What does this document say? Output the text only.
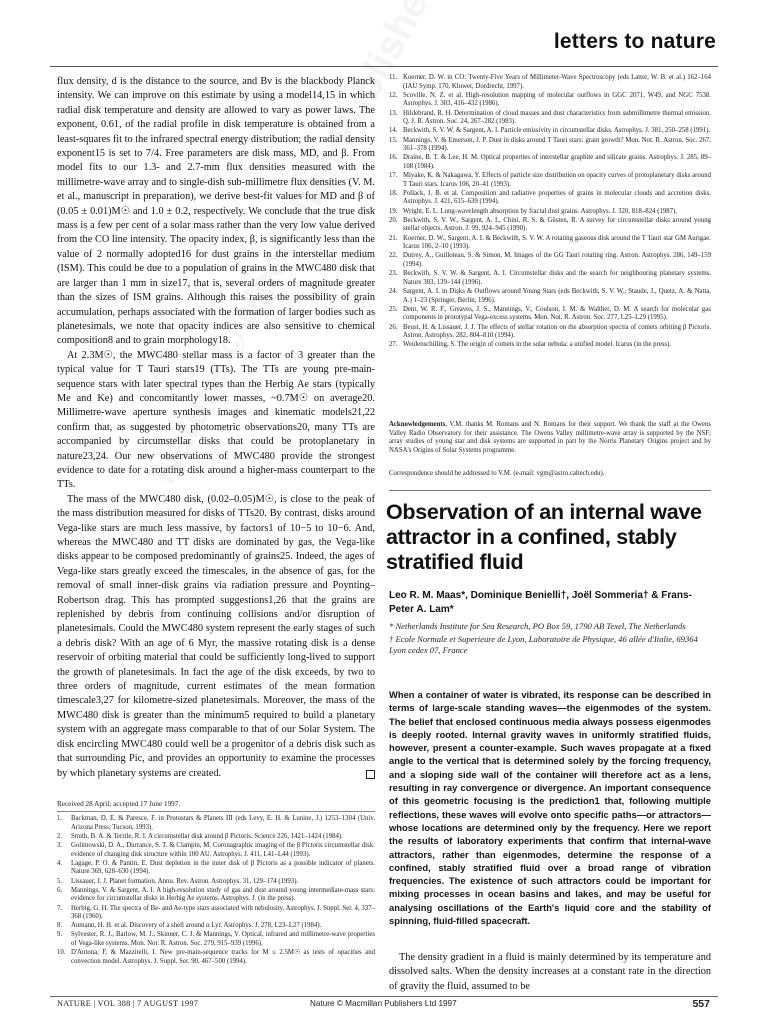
letters to nature

flux density, d is the distance to the source, and Bν is the blackbody Planck intensity. We can improve on this estimate by using a model14,15 in which radial disk temperature and density are allowed to vary as power laws. The exponent, 0.61, of the radial profile in disk temperature is obtained from a least-squares fit to the infrared spectral energy distribution; the radial density exponent15 is set to 7/4. Free parameters are disk mass, MD, and β. From model fits to our 1.3- and 2.7-mm flux densities measured with the millimetre-wave array and to single-dish sub-millimetre flux densities (V. M. et al., manuscript in preparation), we derive best-fit values for MD and β of (0.05 ± 0.01)M☉ and 1.0 ± 0.2, respectively. We conclude that the true disk mass is a few per cent of a solar mass rather than the very low value derived from the CO line intensity. The opacity index, β, is significantly less than the value of 2 normally adopted16 for dust grains in the interstellar medium (ISM). This could be due to a population of grains in the MWC480 disk that are larger than 1 mm in size17, that is, several orders of magnitude greater than the sizes of ISM grains. Although this raises the possibility of grain accumulation, perhaps associated with the formation of larger bodies such as planetesimals, we note that opacity indices are also sensitive to chemical composition8 and to grain morphology18.

At 2.3M☉, the MWC480 stellar mass is a factor of 3 greater than the typical value for T Tauri stars19 (TTs). The TTs are young pre-main-sequence stars with later spectral types than the Herbig Ae stars (typically Me and Ke) and concomitantly lower masses, ~0.7M☉ on average20. Millimetre-wave aperture synthesis images and kinematic models21,22 confirm that, as suggested by photometric observations20, many TTs are accompanied by circumstellar disks that could be protoplanetary in nature23,24. Our new observations of MWC480 provide the strongest evidence to date for a rotating disk around a higher-mass counterpart to the TTs.

The mass of the MWC480 disk, (0.02–0.05)M☉, is close to the peak of the mass distribution measured for disks of TTs20. By contrast, disks around Vega-like stars are much less massive, by factors1 of 10−5 to 10−6. And, whereas the MWC480 and TT disks are dominated by gas, the Vega-like disks appear to be composed predominantly of grains25. Indeed, the ages of Vega-like stars greatly exceed the timescales, in the absence of gas, for the removal of small inner-disk grains via radiation pressure and Poynting–Robertson drag. This has prompted suggestions1,26 that the grains are replenished by debris from continuing collisions and/or disruption of planetesimals. Could the MWC480 system represent the early stages of such a debris disk? With an age of 6 Myr, the massive rotating disk is a dense reservoir of orbiting material that could be sufficiently long-lived to support the growth of planetesimals. In fact the age of the disk exceeds, by two to three orders of magnitude, current estimates of the mean formation timescale3,27 for kilometre-sized planetesimals. Moreover, the mass of the MWC480 disk is greater than the minimum5 required to build a planetary system with an aggregate mass comparable to that of our Solar System. The disk encircling MWC480 could well be a progenitor of a debris disk such as that surrounding Pic, and provides an opportunity to examine the processes by which planetary systems are created.

Received 28 April; accepted 17 June 1997.
1.	Backman, D. E. & Paresce, F. in Protostars & Planets III (eds Levy, E. H. & Lunine, J.) 1253–1304 (Univ. Arizona Press, Tucson, 1993).
2.	Smith, B. A. & Terrile, R. I. A circumstellar disk around β Pictoris. Science 226, 1421–1424 (1984).
3.	Golimowski, D. A., Durrance, S. T. & Clampin, M. Coronagraphic imaging of the β Pictoris circumstellar disk: evidence of changing disk structure within 100 AU. Astrophys. J. 411, L41–L44 (1993).
4.	Lagage, P. O. & Pantin, E. Dust depletion in the inner disk of β Pictoris as a possible indicator of planets. Nature 369, 628–630 (1994).
5.	Lissauer, J. J. Planet formation. Annu. Rev. Astron. Astrophys. 31, 129–174 (1993).
6.	Mannings, V. & Sargent, A. I. A high-resolution study of gas and dust around young intermediate-mass stars: evidence for circumstellar disks in Herbig Ae systems. Astrophys. J. (in the press).
7.	Herbig, G. H. The spectra of Be- and Ae-type stars associated with nebulosity. Astrophys. J. Suppl. Ser. 4, 337–368 (1960).
8.	Aumann, H. H. et al. Discovery of a shell around α Lyr. Astrophys. J. 278, L23–L27 (1984).
9.	Sylvester, R. J., Barlow, M. J., Skinner, C. J. & Mannings, V. Optical, infrared and millimetre-wave properties of Vega-like systems. Mon. Not. R. Astron. Soc. 279, 915–939 (1996).
10. D'Antona, F. & Mazzitelli, I. New pre-main-sequence tracks for M ≤ 2.5M☉ as tests of opacities and convection model. Astrophys. J. Suppl. Ser. 90, 467–500 (1994).
11. Koerner, D. W. in CO: Twenty-Five Years of Millimeter-Wave Spectroscopy (eds Latter, W. B. et al.) 162–164 (IAU Symp. 170, Kluwer, Dordrecht, 1997).
12. Scoville, N. Z. et al. High-resolution mapping of molecular outflows in GGC 2071, W49, and NGC 7538. Astrophys. J. 303, 416–432 (1986).
13. Hildebrand, R. H. Determination of cloud masses and dust characteristics from submillimetre thermal emission. Q. J. R. Astron. Soc. 24, 267–282 (1983).
14. Beckwith, S. V. W. & Sargent, A. I. Particle emissivity in circumstellar disks. Astrophys. J. 381, 250–258 (1991).
15. Mannings, V. & Emerson, J. P. Dust in disks around T Tauri stars: grain growth? Mon. Not. R. Astron. Soc. 267, 361–378 (1994).
16. Draine, B. T. & Lee, H. M. Optical properties of interstellar graphite and silicate grains. Astrophys. J. 285, 89–108 (1984).
17. Miyake, K. & Nakagawa, Y. Effects of particle size distribution on opacity curves of protoplanetary disks around T Tauri stars. Icarus 106, 20–41 (1993).
18. Pollack, J. B. et al. Composition and radiative properties of grains in molecular clouds and accretion disks. Astrophys. J. 421, 615–639 (1994).
19. Wright, E. L. Long-wavelength absorption by fractal dust grains. Astrophys. J. 320, 818–824 (1987).
20. Beckwith, S. V. W., Sargent, A. I., Chini, R. S. & Güsten, R. A survey for circumstellar disks around young stellar objects. Astron. J. 99, 924–945 (1990).
21. Koerner, D. W., Sargent, A. I. & Beckwith, S. V. W. A rotating gaseous disk around the T Tauri star GM Aurigae. Icarus 106, 2–10 (1993).
22. Dutrey, A., Guilloteau, S. & Simon, M. Images of the GG Tauri rotating ring. Astron. Astrophys. 286, 149–159 (1994).
23. Beckwith, S. V. W. & Sargent, A. I. Circumstellar disks and the search for neighbouring planetary systems. Nature 383, 139–144 (1996).
24. Sargent, A. I. in Disks & Outflows around Young Stars (eds Beckwith, S. V. W., Staude, J., Quetz, A. & Natta, A.) 1–23 (Springer, Berlin, 1996).
25. Dent, W. R. F., Greaves, J. S., Mannings, V., Coulson, I. M. & Walther, D. M. A search for molecular gas components in prototypal Vega-excess systems. Mon. Not. R. Astron. Soc. 277, L25–L29 (1995).
26. Beust, H. & Lissauer, J. J. The effects of stellar rotation on the absorption spectra of comets orbiting β Pictoris. Astron. Astrophys. 282, 804–810 (1994).
27. Weidenschilling, S. The origin of comets in the solar nebula: a unified model. Icarus (in the press).
Acknowledgements. V.M. thanks M. Romans and N. Romans for their support. We thank the staff at the Owens Valley Radio Observatory for their assistance. The Owens Valley millimetre-wave array is supported by the NSF; array studies of young star and disk systems are supported in part by the Norris Planetary Origins project and by NASA's Origins of Solar Systems programme.
Correspondence should be addressed to V.M. (e-mail: vgm@astro.caltech.edu).
Observation of an internal wave attractor in a confined, stably stratified fluid
Leo R. M. Maas*, Dominique Benielli†, Joël Sommeria† & Frans-Peter A. Lam*
* Netherlands Institute for Sea Research, PO Box 59, 1790 AB Texel, The Netherlands
† Ecole Normale et Superieure de Lyon, Laboratoire de Physique, 46 allée d'Italie, 69364 Lyon cedex 07, France
When a container of water is vibrated, its response can be described in terms of large-scale standing waves—the eigenmodes of the system. The belief that enclosed continuous media always possess eigenmodes is deeply rooted. Internal gravity waves in uniformly stratified fluids, however, present a counter-example. Such waves propagate at a fixed angle to the vertical that is determined solely by the forcing frequency, and a sloping side wall of the container will therefore act as a lens, resulting in ray convergence or divergence. An important consequence of this geometric focusing is the prediction1 that, following multiple reflections, these waves will evolve onto specific paths—or attractors—whose locations are determined only by the frequency. Here we report the results of laboratory experiments that confirm that internal-wave attractors, rather than eigenmodes, determine the response of a confined, stably stratified fluid over a broad range of vibration frequencies. The existence of such attractors could be important for mixing processes in ocean basins and lakes, and may be useful for analysing oscillations of the Earth's liquid core and the stability of spinning, fluid-filled spacecraft.
The density gradient in a fluid is mainly determined by its temperature and dissolved salts. When the density increases at a constant rate in the direction of gravity the fluid, assumed to be
NATURE | VOL 388 | 7 AUGUST 1997	Nature © Macmillan Publishers Ltd 1997	557
